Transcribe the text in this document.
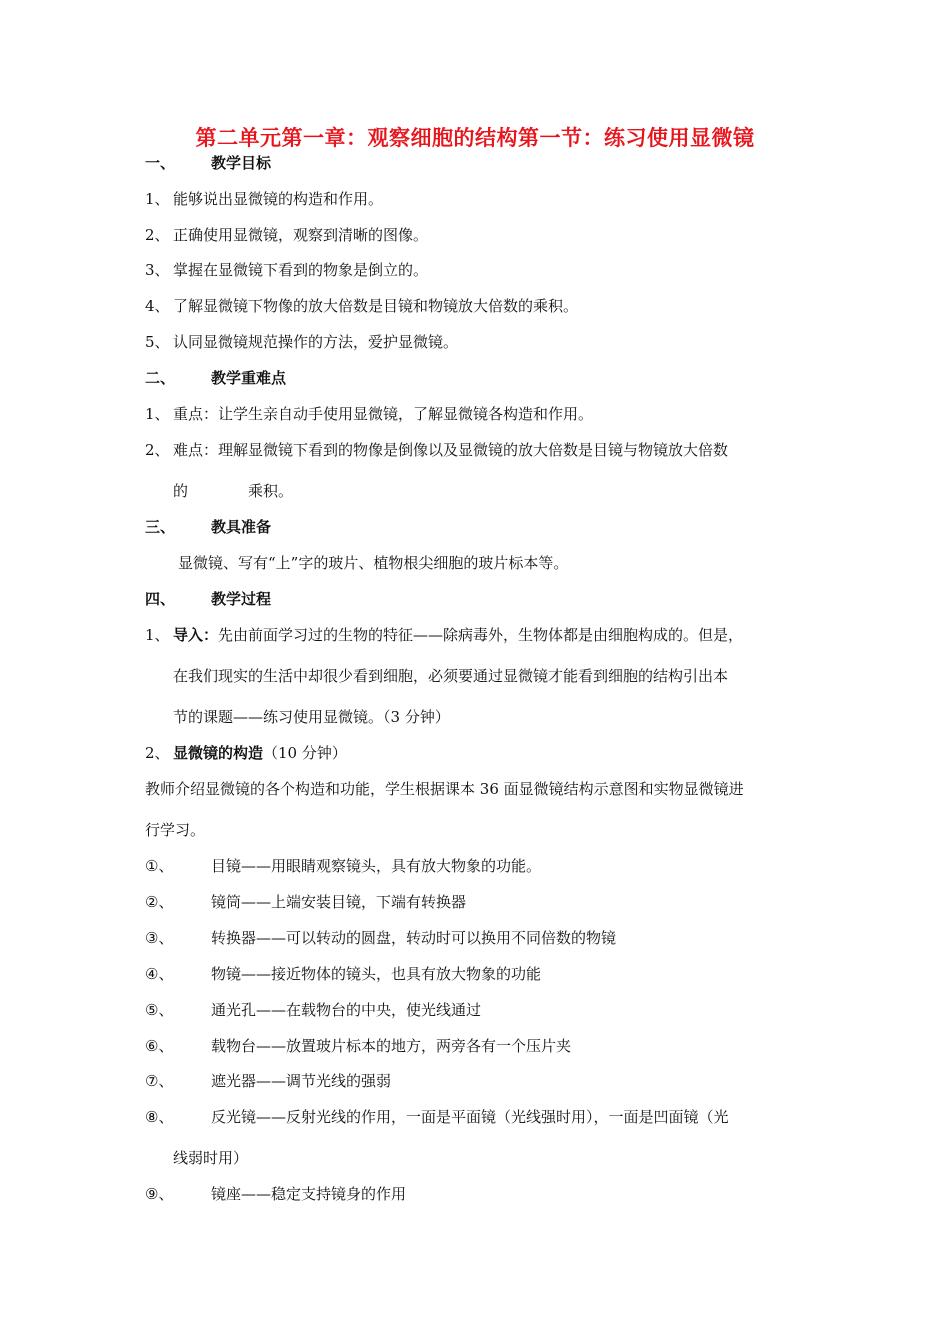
第二单元第一章：观察细胞的结构第一节：练习使用显微镜
一、 教学目标
1、 能够说出显微镜的构造和作用。
2、 正确使用显微镜，观察到清晰的图像。
3、 掌握在显微镜下看到的物象是倒立的。
4、 了解显微镜下物像的放大倍数是目镜和物镜放大倍数的乘积。
5、 认同显微镜规范操作的方法，爱护显微镜。
二、 教学重难点
1、 重点：让学生亲自动手使用显微镜，了解显微镜各构造和作用。
2、 难点：理解显微镜下看到的物像是倒像以及显微镜的放大倍数是目镜与物镜放大倍数
的	乘积。
三、 教具准备
显微镜、写有“上”字的玻片、植物根尖细胞的玻片标本等。
四、 教学过程
1、 导入：先由前面学习过的生物的特征——除病毒外，生物体都是由细胞构成的。但是，
在我们现实的生活中却很少看到细胞，必须要通过显微镜才能看到细胞的结构引出本
节的课题——练习使用显微镜。（3 分钟）
2、 显微镜的构造（10 分钟）
教师介绍显微镜的各个构造和功能，学生根据课本 36 面显微镜结构示意图和实物显微镜进
行学习。
①、	目镜——用眼睛观察镜头，具有放大物象的功能。
②、	镜筒——上端安装目镜，下端有转换器
③、	转换器——可以转动的圆盘，转动时可以换用不同倍数的物镜
④、	物镜——接近物体的镜头，也具有放大物象的功能
⑤、	通光孔——在载物台的中央，使光线通过
⑥、	载物台——放置玻片标本的地方，两旁各有一个压片夹
⑦、	遮光器——调节光线的强弱
⑧、	反光镜——反射光线的作用，一面是平面镜（光线强时用），一面是凹面镜（光
线弱时用）
⑨、	镜座——稳定支持镜身的作用
